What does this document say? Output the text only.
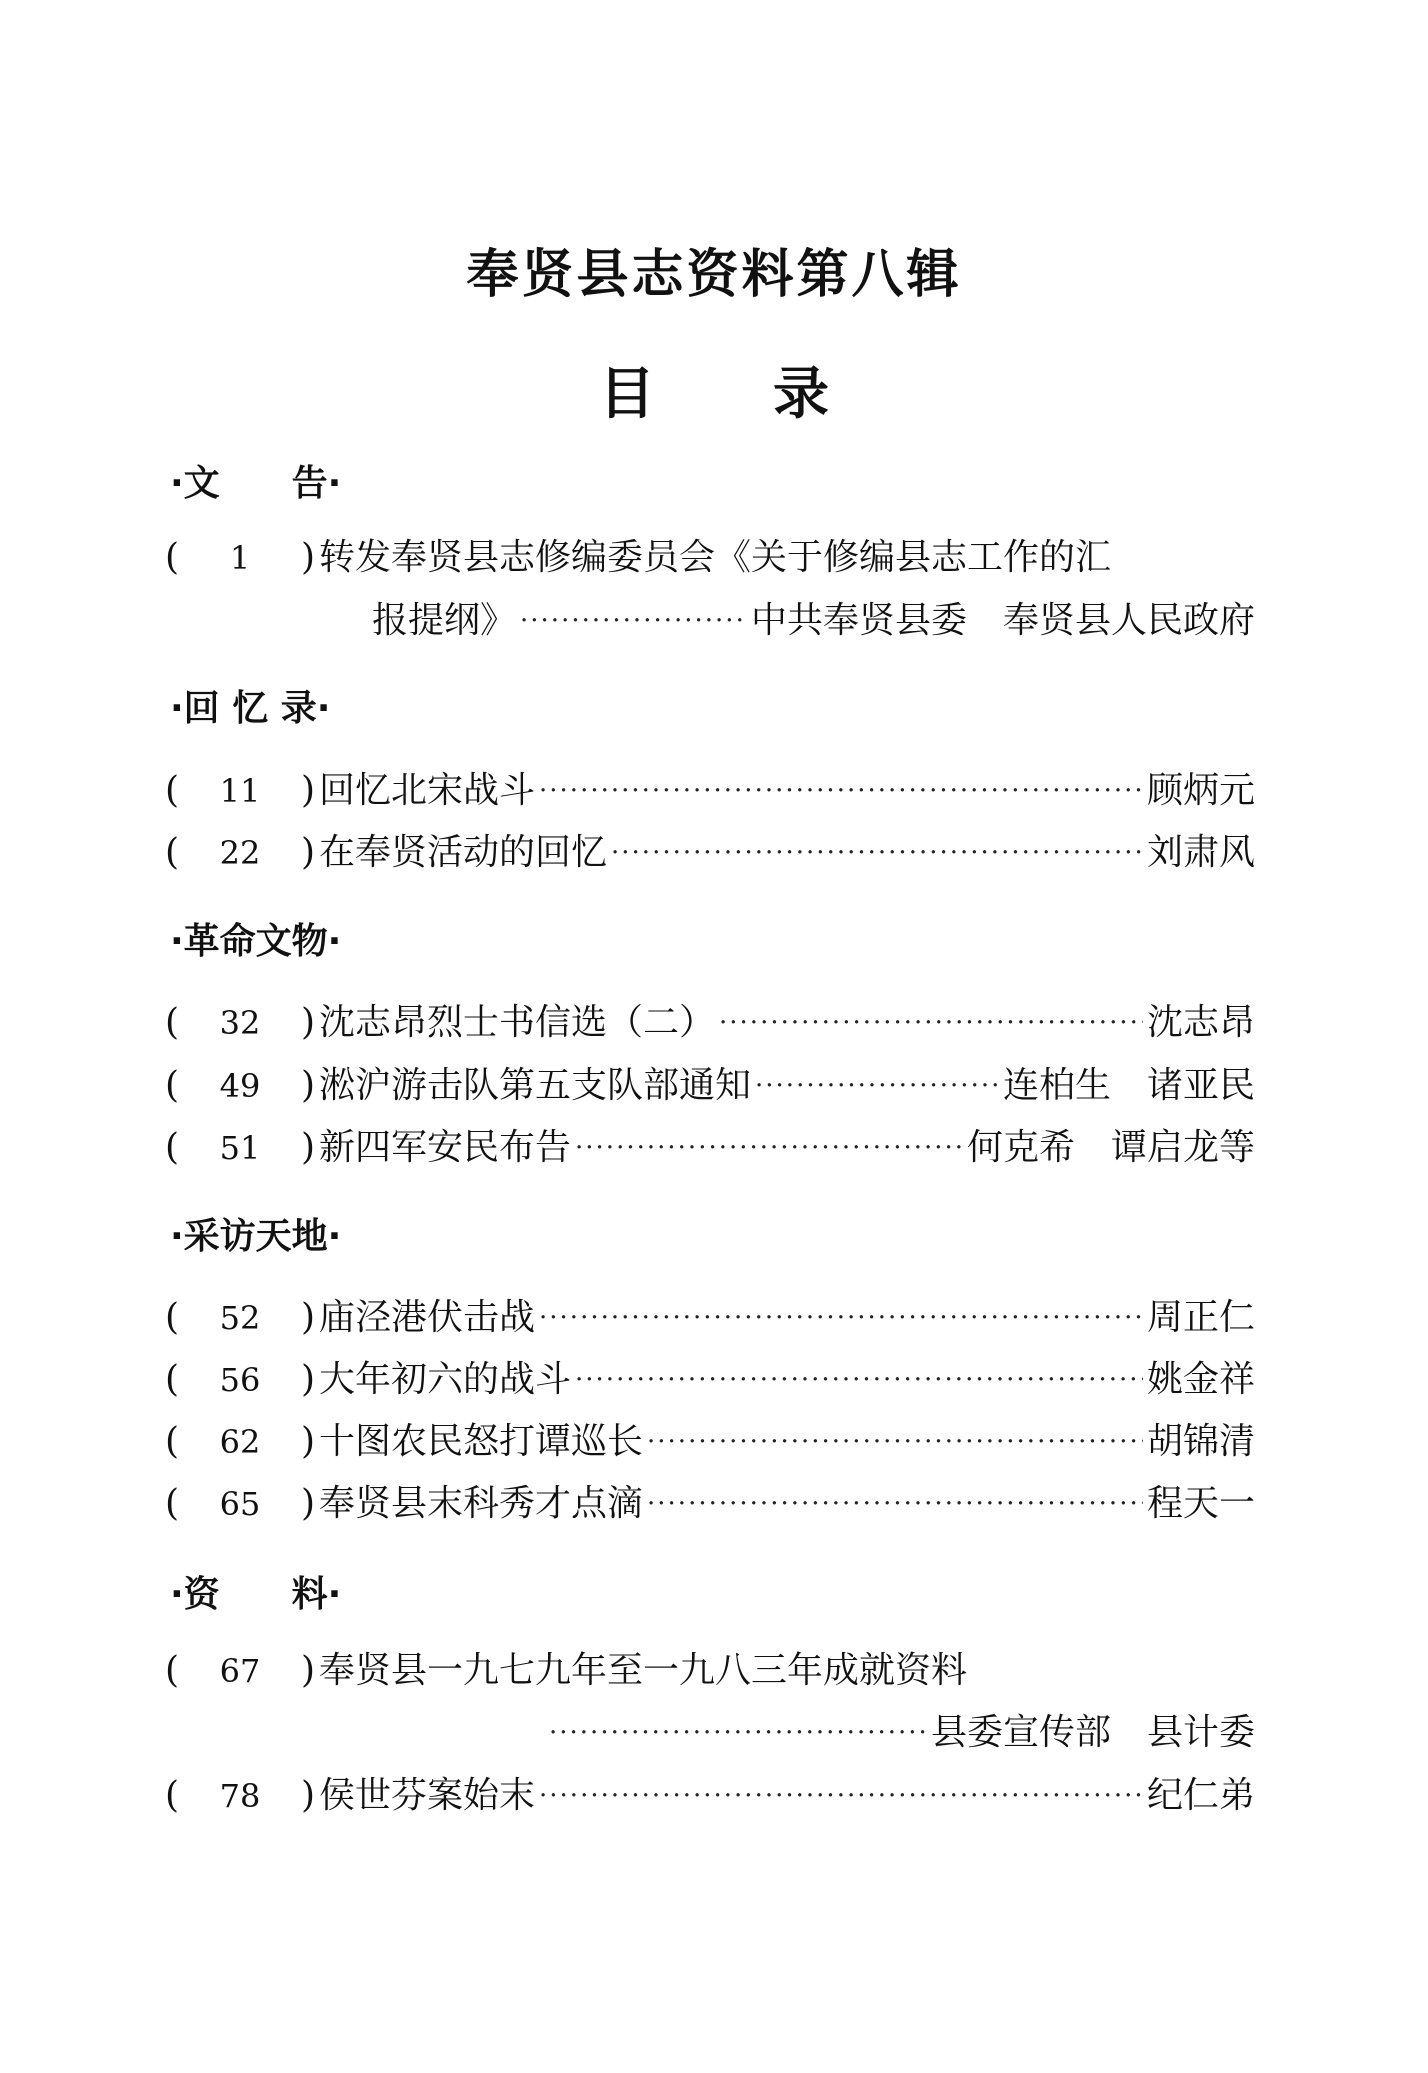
奉贤县志资料第八辑
目录
·文　　告·
(	1	) 转发奉贤县志修编委员会《关于修编县志工作的汇
报提纲》 ·····	中共奉贤县委　奉贤县人民政府
·回 忆 录·
(	11	) 回忆北宋战斗 ·····	顾炳元
(	22	) 在奉贤活动的回忆 ·····	刘肃风
·革命文物·
(	32	) 沈志昂烈士书信选（二） ·····	沈志昂
(	49	) 淞沪游击队第五支队部通知 ·····	连柏生　诸亚民
(	51	) 新四军安民布告 ·····	何克希　谭启龙等
·采访天地·
(	52	) 庙泾港伏击战 ·····	周正仁
(	56	) 大年初六的战斗 ·····	姚金祥
(	62	) 十图农民怒打谭巡长 ·····	胡锦清
(	65	) 奉贤县末科秀才点滴 ·····	程天一
·资　　料·
(	67	) 奉贤县一九七九年至一九八三年成就资料
·····
县委宣传部　县计委
(	78	) 侯世芬案始末 ·····	纪仁弟
